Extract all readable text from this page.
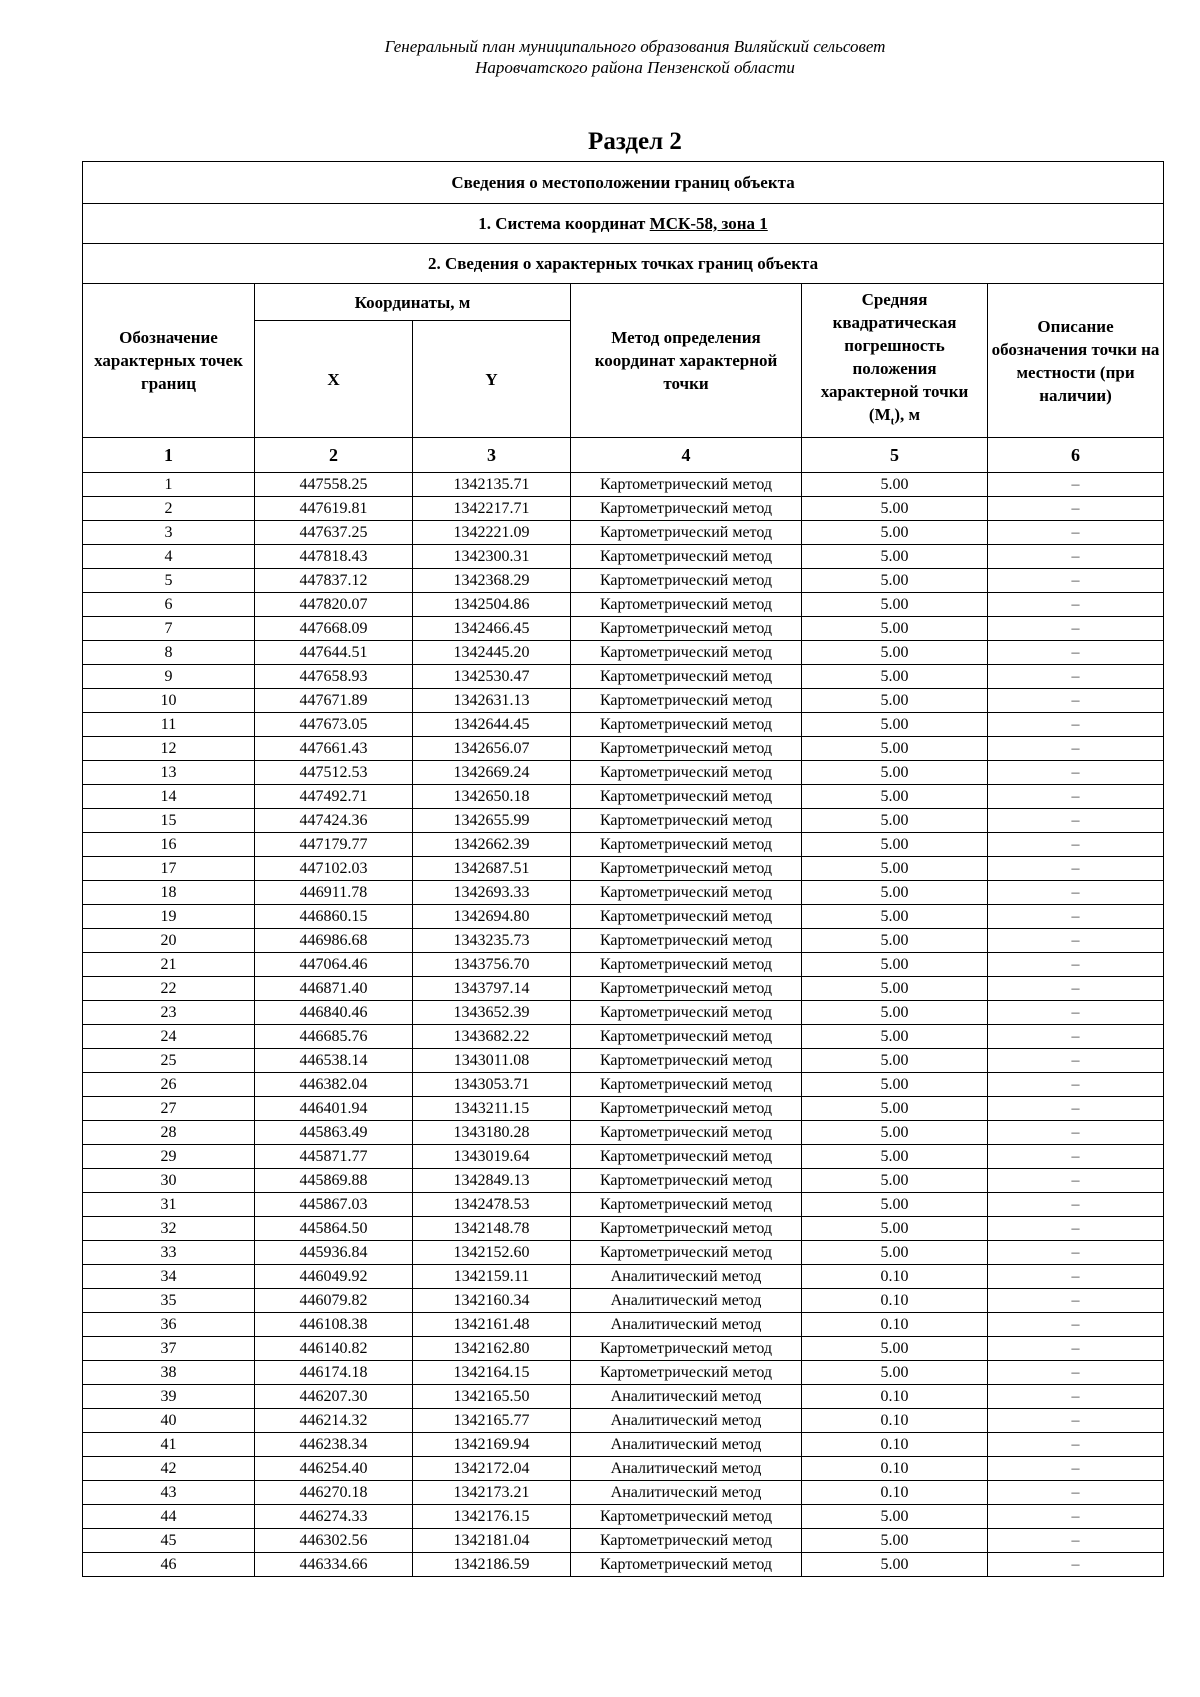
Генеральный план муниципального образования Виляйский сельсовет
Наровчатского района Пензенской области
Раздел 2
Сведения о местоположении границ объекта					
1. Система координат МСК-58, зона 1					
2. Сведения о характерных точках границ объекта					
Обозначение характерных точек границ	Координаты, м		Метод определения координат характерной точки	Средняя квадратическая погрешность положения характерной точки $(M_t)$, м	Описание обозначения точки на местности (при наличии)
	X	Y			
1	2	3	4	5	6
1	447558.25	1342135.71	Картометрический метод	5.00	–
2	447619.81	1342217.71	Картометрический метод	5.00	–
3	447637.25	1342221.09	Картометрический метод	5.00	–
4	447818.43	1342300.31	Картометрический метод	5.00	–
5	447837.12	1342368.29	Картометрический метод	5.00	–
6	447820.07	1342504.86	Картометрический метод	5.00	–
7	447668.09	1342466.45	Картометрический метод	5.00	–
8	447644.51	1342445.20	Картометрический метод	5.00	–
9	447658.93	1342530.47	Картометрический метод	5.00	–
10	447671.89	1342631.13	Картометрический метод	5.00	–
11	447673.05	1342644.45	Картометрический метод	5.00	–
12	447661.43	1342656.07	Картометрический метод	5.00	–
13	447512.53	1342669.24	Картометрический метод	5.00	–
14	447492.71	1342650.18	Картометрический метод	5.00	–
15	447424.36	1342655.99	Картометрический метод	5.00	–
16	447179.77	1342662.39	Картометрический метод	5.00	–
17	447102.03	1342687.51	Картометрический метод	5.00	–
18	446911.78	1342693.33	Картометрический метод	5.00	–
19	446860.15	1342694.80	Картометрический метод	5.00	–
20	446986.68	1343235.73	Картометрический метод	5.00	–
21	447064.46	1343756.70	Картометрический метод	5.00	–
22	446871.40	1343797.14	Картометрический метод	5.00	–
23	446840.46	1343652.39	Картометрический метод	5.00	–
24	446685.76	1343682.22	Картометрический метод	5.00	–
25	446538.14	1343011.08	Картометрический метод	5.00	–
26	446382.04	1343053.71	Картометрический метод	5.00	–
27	446401.94	1343211.15	Картометрический метод	5.00	–
28	445863.49	1343180.28	Картометрический метод	5.00	–
29	445871.77	1343019.64	Картометрический метод	5.00	–
30	445869.88	1342849.13	Картометрический метод	5.00	–
31	445867.03	1342478.53	Картометрический метод	5.00	–
32	445864.50	1342148.78	Картометрический метод	5.00	–
33	445936.84	1342152.60	Картометрический метод	5.00	–
34	446049.92	1342159.11	Аналитический метод	0.10	–
35	446079.82	1342160.34	Аналитический метод	0.10	–
36	446108.38	1342161.48	Аналитический метод	0.10	–
37	446140.82	1342162.80	Картометрический метод	5.00	–
38	446174.18	1342164.15	Картометрический метод	5.00	–
39	446207.30	1342165.50	Аналитический метод	0.10	–
40	446214.32	1342165.77	Аналитический метод	0.10	–
41	446238.34	1342169.94	Аналитический метод	0.10	–
42	446254.40	1342172.04	Аналитический метод	0.10	–
43	446270.18	1342173.21	Аналитический метод	0.10	–
44	446274.33	1342176.15	Картометрический метод	5.00	–
45	446302.56	1342181.04	Картометрический метод	5.00	–
46	446334.66	1342186.59	Картометрический метод	5.00	–
